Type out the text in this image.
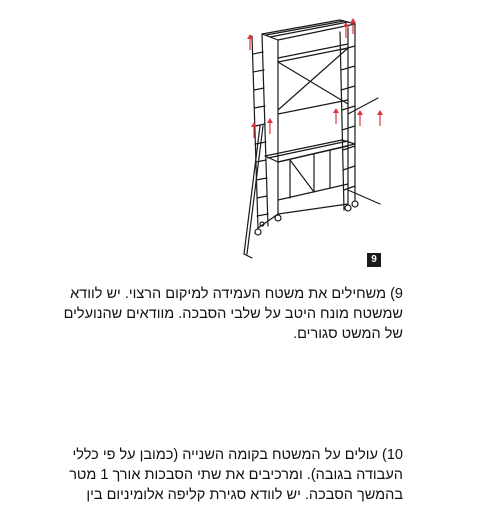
9
9) משחילים את משטח העמידה למיקום הרצוי. יש לוודא
שמשטח מונח היטב על שלבי הסבכה. מוודאים שהנועלים
של המשט סגורים.
10) עולים על המשטח בקומה השנייה (כמובן על פי כללי
העבודה בגובה). ומרכיבים את שתי הסבכות אורך 1 מטר
בהמשך הסבכה. יש לוודא סגירת קליפה אלומיניום בין
